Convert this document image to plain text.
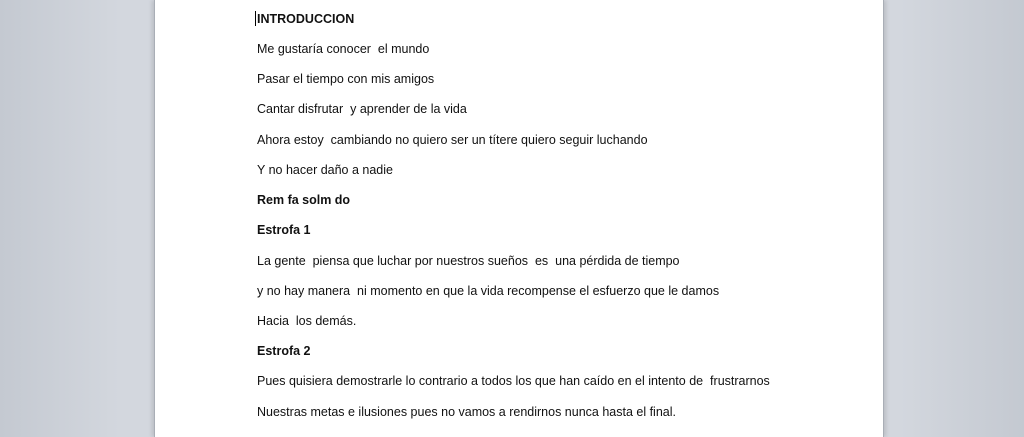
INTRODUCCION
Me gustaría conocer  el mundo
Pasar el tiempo con mis amigos
Cantar disfrutar  y aprender de la vida
Ahora estoy  cambiando no quiero ser un títere quiero seguir luchando
Y no hacer daño a nadie
Rem fa solm do
Estrofa 1
La gente  piensa que luchar por nuestros sueños  es  una pérdida de tiempo
y no hay manera  ni momento en que la vida recompense el esfuerzo que le damos
Hacia  los demás.
Estrofa 2
Pues quisiera demostrarle lo contrario a todos los que han caído en el intento de  frustrarnos
Nuestras metas e ilusiones pues no vamos a rendirnos nunca hasta el final.
